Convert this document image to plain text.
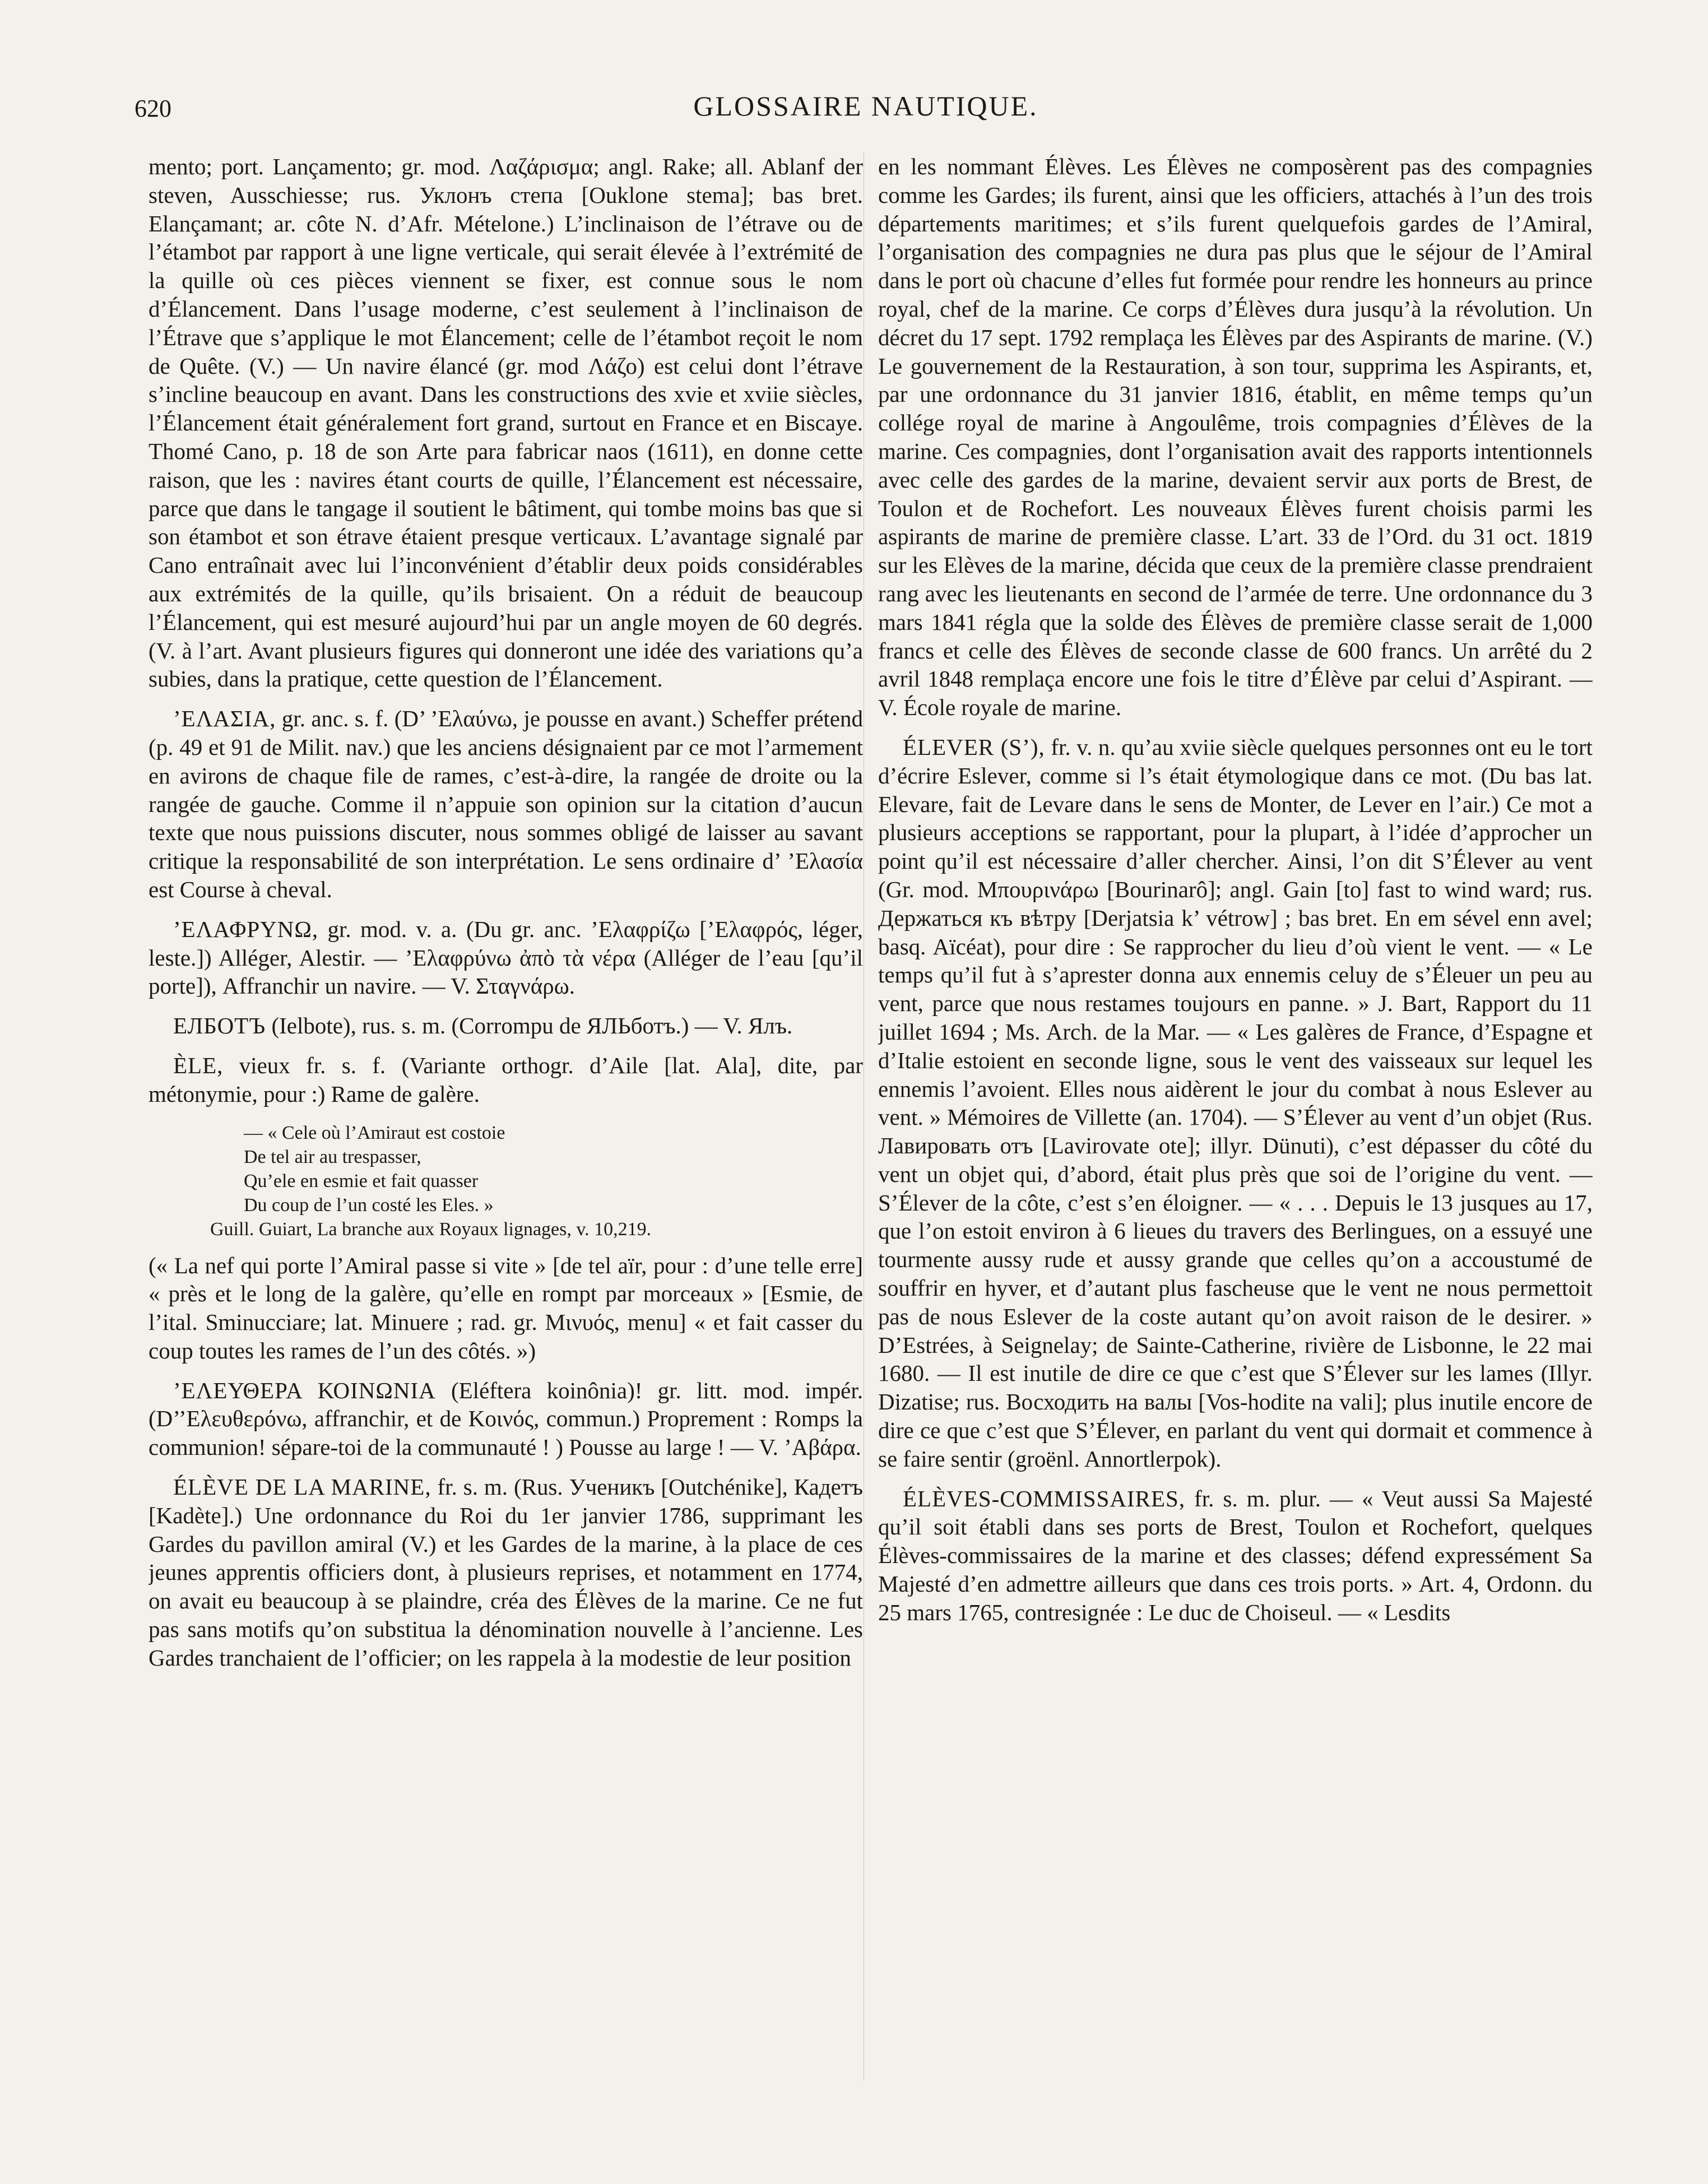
620	GLOSSAIRE NAUTIQUE.

mento; port. Lançamento; gr. mod. Λαζάρισμα; angl. Rake; all. Ablanf der steven, Ausschiesse; rus. Уклонъ степа [Ouklone stema]; bas bret. Elançamant; ar. côte N. d’Afr. Mételone.) L’inclinaison de l’étrave ou de l’étambot par rapport à une ligne verticale, qui serait élevée à l’extrémité de la quille où ces pièces viennent se fixer, est connue sous le nom d’Élancement. Dans l’usage moderne, c’est seulement à l’inclinaison de l’Étrave que s’applique le mot Élancement; celle de l’étambot reçoit le nom de Quête. (V.) — Un navire élancé (gr. mod Λάζο) est celui dont l’étrave s’incline beaucoup en avant. Dans les constructions des xvie et xviie siècles, l’Élancement était généralement fort grand, surtout en France et en Biscaye. Thomé Cano, p. 18 de son Arte para fabricar naos (1611), en donne cette raison, que les : navires étant courts de quille, l’Élancement est nécessaire, parce que dans le tangage il soutient le bâtiment, qui tombe moins bas que si son étambot et son étrave étaient presque verticaux. L’avantage signalé par Cano entraînait avec lui l’inconvénient d’établir deux poids considérables aux extrémités de la quille, qu’ils brisaient. On a réduit de beaucoup l’Élancement, qui est mesuré aujourd’hui par un angle moyen de 60 degrés. (V. à l’art. Avant plusieurs figures qui donneront une idée des variations qu’a subies, dans la pratique, cette question de l’Élancement.

’ΕΛΑΣΙΑ, gr. anc. s. f. (D’ ’Ελαύνω, je pousse en avant.) Scheffer prétend (p. 49 et 91 de Milit. nav.) que les anciens désignaient par ce mot l’armement en avirons de chaque file de rames, c’est-à-dire, la rangée de droite ou la rangée de gauche. Comme il n’appuie son opinion sur la citation d’aucun texte que nous puissions discuter, nous sommes obligé de laisser au savant critique la responsabilité de son interprétation. Le sens ordinaire d’ ’Ελασία est Course à cheval.

’ΕΛΑΦΡΥΝΩ, gr. mod. v. a. (Du gr. anc. ’Ελαφρίζω [’Ελαφρός, léger, leste.]) Alléger, Alestir. — ’Ελαφρύνω ἀπὸ τὰ νέρα (Alléger de l’eau [qu’il porte]), Affranchir un navire. — V. Σταγνάρω.

ЕЛБОТЪ (Ielbote), rus. s. m. (Corrompu de ЯЛЬботъ.) — V. Ялъ.

ÈLE, vieux fr. s. f. (Variante orthogr. d’Aile [lat. Ala], dite, par métonymie, pour :) Rame de galère.

— « Cele où l’Amiraut est costoie
De tel air au trespasser,
Qu’ele en esmie et fait quasser
Du coup de l’un costé les Eles. »
Guill. Guiart, La branche aux Royaux lignages, v. 10,219.

(« La nef qui porte l’Amiral passe si vite » [de tel aïr, pour : d’une telle erre] « près et le long de la galère, qu’elle en rompt par morceaux » [Esmie, de l’ital. Sminucciare; lat. Minuere ; rad. gr. Μινυός, menu] « et fait casser du coup toutes les rames de l’un des côtés. »)

’ΕΛΕΥΘΕΡΑ ΚΟΙΝΩΝΙΑ (Eléftera koinônia)! gr. litt. mod. impér. (D’’Ελευθερόνω, affranchir, et de Κοινός, commun.) Proprement : Romps la communion! sépare-toi de la communauté ! ) Pousse au large ! — V. ’Αβάρα.

ÉLÈVE DE LA MARINE, fr. s. m. (Rus. Ученикъ [Outchénike], Кадетъ [Kadète].) Une ordonnance du Roi du 1er janvier 1786, supprimant les Gardes du pavillon amiral (V.) et les Gardes de la marine, à la place de ces jeunes apprentis officiers dont, à plusieurs reprises, et notamment en 1774, on avait eu beaucoup à se plaindre, créa des Élèves de la marine. Ce ne fut pas sans motifs qu’on substitua la dénomination nouvelle à l’ancienne. Les Gardes tranchaient de l’officier; on les rappela à la modestie de leur position

en les nommant Élèves. Les Élèves ne composèrent pas des compagnies comme les Gardes; ils furent, ainsi que les officiers, attachés à l’un des trois départements maritimes; et s’ils furent quelquefois gardes de l’Amiral, l’organisation des compagnies ne dura pas plus que le séjour de l’Amiral dans le port où chacune d’elles fut formée pour rendre les honneurs au prince royal, chef de la marine. Ce corps d’Élèves dura jusqu’à la révolution. Un décret du 17 sept. 1792 remplaça les Élèves par des Aspirants de marine. (V.) Le gouvernement de la Restauration, à son tour, supprima les Aspirants, et, par une ordonnance du 31 janvier 1816, établit, en même temps qu’un collége royal de marine à Angoulême, trois compagnies d’Élèves de la marine. Ces compagnies, dont l’organisation avait des rapports intentionnels avec celle des gardes de la marine, devaient servir aux ports de Brest, de Toulon et de Rochefort. Les nouveaux Élèves furent choisis parmi les aspirants de marine de première classe. L’art. 33 de l’Ord. du 31 oct. 1819 sur les Elèves de la marine, décida que ceux de la première classe prendraient rang avec les lieutenants en second de l’armée de terre. Une ordonnance du 3 mars 1841 régla que la solde des Élèves de première classe serait de 1,000 francs et celle des Élèves de seconde classe de 600 francs. Un arrêté du 2 avril 1848 remplaça encore une fois le titre d’Élève par celui d’Aspirant. — V. École royale de marine.

ÉLEVER (S’), fr. v. n. qu’au xviie siècle quelques personnes ont eu le tort d’écrire Eslever, comme si l’s était étymologique dans ce mot. (Du bas lat. Elevare, fait de Levare dans le sens de Monter, de Lever en l’air.) Ce mot a plusieurs acceptions se rapportant, pour la plupart, à l’idée d’approcher un point qu’il est nécessaire d’aller chercher. Ainsi, l’on dit S’Élever au vent (Gr. mod. Μπουρινάρω [Bourinarô]; angl. Gain [to] fast to wind ward; rus. Держаться къ вѣтру [Derjatsia k’ vétrow] ; bas bret. En em sével enn avel; basq. Aïcéat), pour dire : Se rapprocher du lieu d’où vient le vent. — « Le temps qu’il fut à s’aprester donna aux ennemis celuy de s’Éleuer un peu au vent, parce que nous restames toujours en panne. » J. Bart, Rapport du 11 juillet 1694 ; Ms. Arch. de la Mar. — « Les galères de France, d’Espagne et d’Italie estoient en seconde ligne, sous le vent des vaisseaux sur lequel les ennemis l’avoient. Elles nous aidèrent le jour du combat à nous Eslever au vent. » Mémoires de Villette (an. 1704). — S’Élever au vent d’un objet (Rus. Лавировать отъ [Lavirovate ote]; illyr. Dünuti), c’est dépasser du côté du vent un objet qui, d’abord, était plus près que soi de l’origine du vent. — S’Élever de la côte, c’est s’en éloigner. — « . . . Depuis le 13 jusques au 17, que l’on estoit environ à 6 lieues du travers des Berlingues, on a essuyé une tourmente aussy rude et aussy grande que celles qu’on a accoustumé de souffrir en hyver, et d’autant plus fascheuse que le vent ne nous permettoit pas de nous Eslever de la coste autant qu’on avoit raison de le desirer. » D’Estrées, à Seignelay; de Sainte-Catherine, rivière de Lisbonne, le 22 mai 1680. — Il est inutile de dire ce que c’est que S’Élever sur les lames (Illyr. Dizatise; rus. Восходить на валы [Vos-hodite na vali]; plus inutile encore de dire ce que c’est que S’Élever, en parlant du vent qui dormait et commence à se faire sentir (groënl. Annortlerpok).

ÉLÈVES-COMMISSAIRES, fr. s. m. plur. — « Veut aussi Sa Majesté qu’il soit établi dans ses ports de Brest, Toulon et Rochefort, quelques Élèves-commissaires de la marine et des classes; défend expressément Sa Majesté d’en admettre ailleurs que dans ces trois ports. » Art. 4, Ordonn. du 25 mars 1765, contresignée : Le duc de Choiseul. — « Lesdits
